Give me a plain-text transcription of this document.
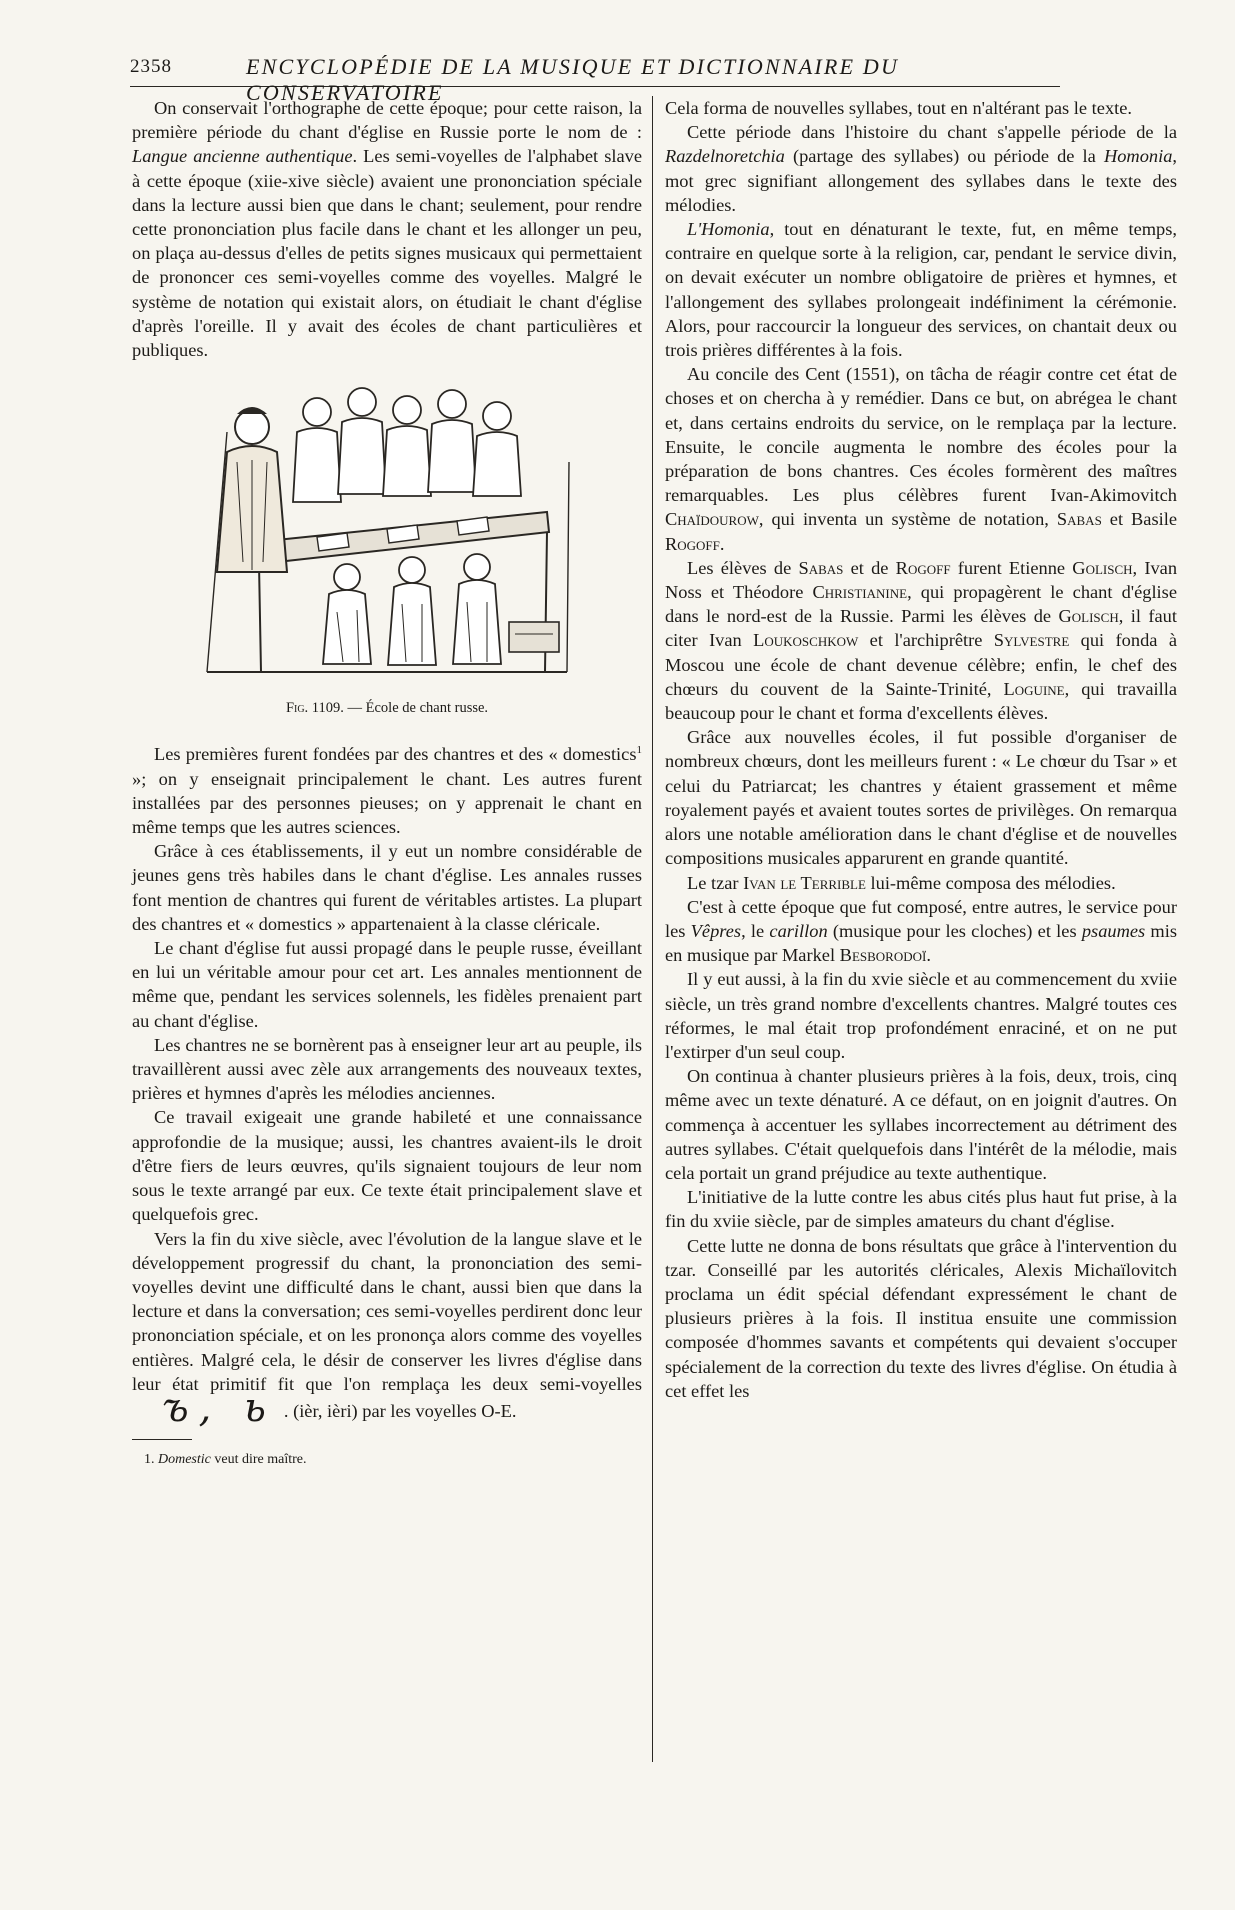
2358	ENCYCLOPÉDIE DE LA MUSIQUE ET DICTIONNAIRE DU CONSERVATOIRE

On conservait l'orthographe de cette époque; pour cette raison, la première période du chant d'église en Russie porte le nom de : Langue ancienne authentique. Les semi-voyelles de l'alphabet slave à cette époque (xiie-xive siècle) avaient une prononciation spéciale dans la lecture aussi bien que dans le chant; seulement, pour rendre cette prononciation plus facile dans le chant et les allonger un peu, on plaça au-dessus d'elles de petits signes musicaux qui permettaient de prononcer ces semi-voyelles comme des voyelles. Malgré le système de notation qui existait alors, on étudiait le chant d'église d'après l'oreille. Il y avait des écoles de chant particulières et publiques.

Fig. 1109. — École de chant russe.

Les premières furent fondées par des chantres et des « domestics$^1$ »; on y enseignait principalement le chant. Les autres furent installées par des personnes pieuses; on y apprenait le chant en même temps que les autres sciences.

Grâce à ces établissements, il y eut un nombre considérable de jeunes gens très habiles dans le chant d'église. Les annales russes font mention de chantres qui furent de véritables artistes. La plupart des chantres et « domestics » appartenaient à la classe cléricale.

Le chant d'église fut aussi propagé dans le peuple russe, éveillant en lui un véritable amour pour cet art. Les annales mentionnent de même que, pendant les services solennels, les fidèles prenaient part au chant d'église.

Les chantres ne se bornèrent pas à enseigner leur art au peuple, ils travaillèrent aussi avec zèle aux arrangements des nouveaux textes, prières et hymnes d'après les mélodies anciennes.

Ce travail exigeait une grande habileté et une connaissance approfondie de la musique; aussi, les chantres avaient-ils le droit d'être fiers de leurs œuvres, qu'ils signaient toujours de leur nom sous le texte arrangé par eux. Ce texte était principalement slave et quelquefois grec.

Vers la fin du xive siècle, avec l'évolution de la langue slave et le développement progressif du chant, la prononciation des semi-voyelles devint une difficulté dans le chant, aussi bien que dans la lecture et dans la conversation; ces semi-voyelles perdirent donc leur prononciation spéciale, et on les prononça alors comme des voyelles entières. Malgré cela, le désir de conserver les livres d'église dans leur état primitif fit que l'on remplaça les deux semi-voyellesъ, ь . (ièr, ièri) par les voyelles O-E.

1. Domestic veut dire maître.

Cela forma de nouvelles syllabes, tout en n'altérant pas le texte.

Cette période dans l'histoire du chant s'appelle période de la Razdelnoretchia (partage des syllabes) ou période de la Homonia, mot grec signifiant allongement des syllabes dans le texte des mélodies.

L'Homonia, tout en dénaturant le texte, fut, en même temps, contraire en quelque sorte à la religion, car, pendant le service divin, on devait exécuter un nombre obligatoire de prières et hymnes, et l'allongement des syllabes prolongeait indéfiniment la cérémonie. Alors, pour raccourcir la longueur des services, on chantait deux ou trois prières différentes à la fois.

Au concile des Cent (1551), on tâcha de réagir contre cet état de choses et on chercha à y remédier. Dans ce but, on abrégea le chant et, dans certains endroits du service, on le remplaça par la lecture. Ensuite, le concile augmenta le nombre des écoles pour la préparation de bons chantres. Ces écoles formèrent des maîtres remarquables. Les plus célèbres furent Ivan-Akimovitch Chaïdourow, qui inventa un système de notation, Sabas et Basile Rogoff.

Les élèves de Sabas et de Rogoff furent Etienne Golisch, Ivan Noss et Théodore Christianine, qui propagèrent le chant d'église dans le nord-est de la Russie. Parmi les élèves de Golisch, il faut citer Ivan Loukoschkow et l'archiprêtre Sylvestre qui fonda à Moscou une école de chant devenue célèbre; enfin, le chef des chœurs du couvent de la Sainte-Trinité, Loguine, qui travailla beaucoup pour le chant et forma d'excellents élèves.

Grâce aux nouvelles écoles, il fut possible d'organiser de nombreux chœurs, dont les meilleurs furent : « Le chœur du Tsar » et celui du Patriarcat; les chantres y étaient grassement et même royalement payés et avaient toutes sortes de privilèges. On remarqua alors une notable amélioration dans le chant d'église et de nouvelles compositions musicales apparurent en grande quantité.

Le tzar Ivan le Terrible lui-même composa des mélodies.

C'est à cette époque que fut composé, entre autres, le service pour les Vêpres, le carillon (musique pour les cloches) et les psaumes mis en musique par Markel Besborodoï.

Il y eut aussi, à la fin du xvie siècle et au commencement du xviie siècle, un très grand nombre d'excellents chantres. Malgré toutes ces réformes, le mal était trop profondément enraciné, et on ne put l'extirper d'un seul coup.

On continua à chanter plusieurs prières à la fois, deux, trois, cinq même avec un texte dénaturé. A ce défaut, on en joignit d'autres. On commença à accentuer les syllabes incorrectement au détriment des autres syllabes. C'était quelquefois dans l'intérêt de la mélodie, mais cela portait un grand préjudice au texte authentique.

L'initiative de la lutte contre les abus cités plus haut fut prise, à la fin du xviie siècle, par de simples amateurs du chant d'église.

Cette lutte ne donna de bons résultats que grâce à l'intervention du tzar. Conseillé par les autorités cléricales, Alexis Michaïlovitch proclama un édit spécial défendant expressément le chant de plusieurs prières à la fois. Il institua ensuite une commission composée d'hommes savants et compétents qui devaient s'occuper spécialement de la correction du texte des livres d'église. On étudia à cet effet les
